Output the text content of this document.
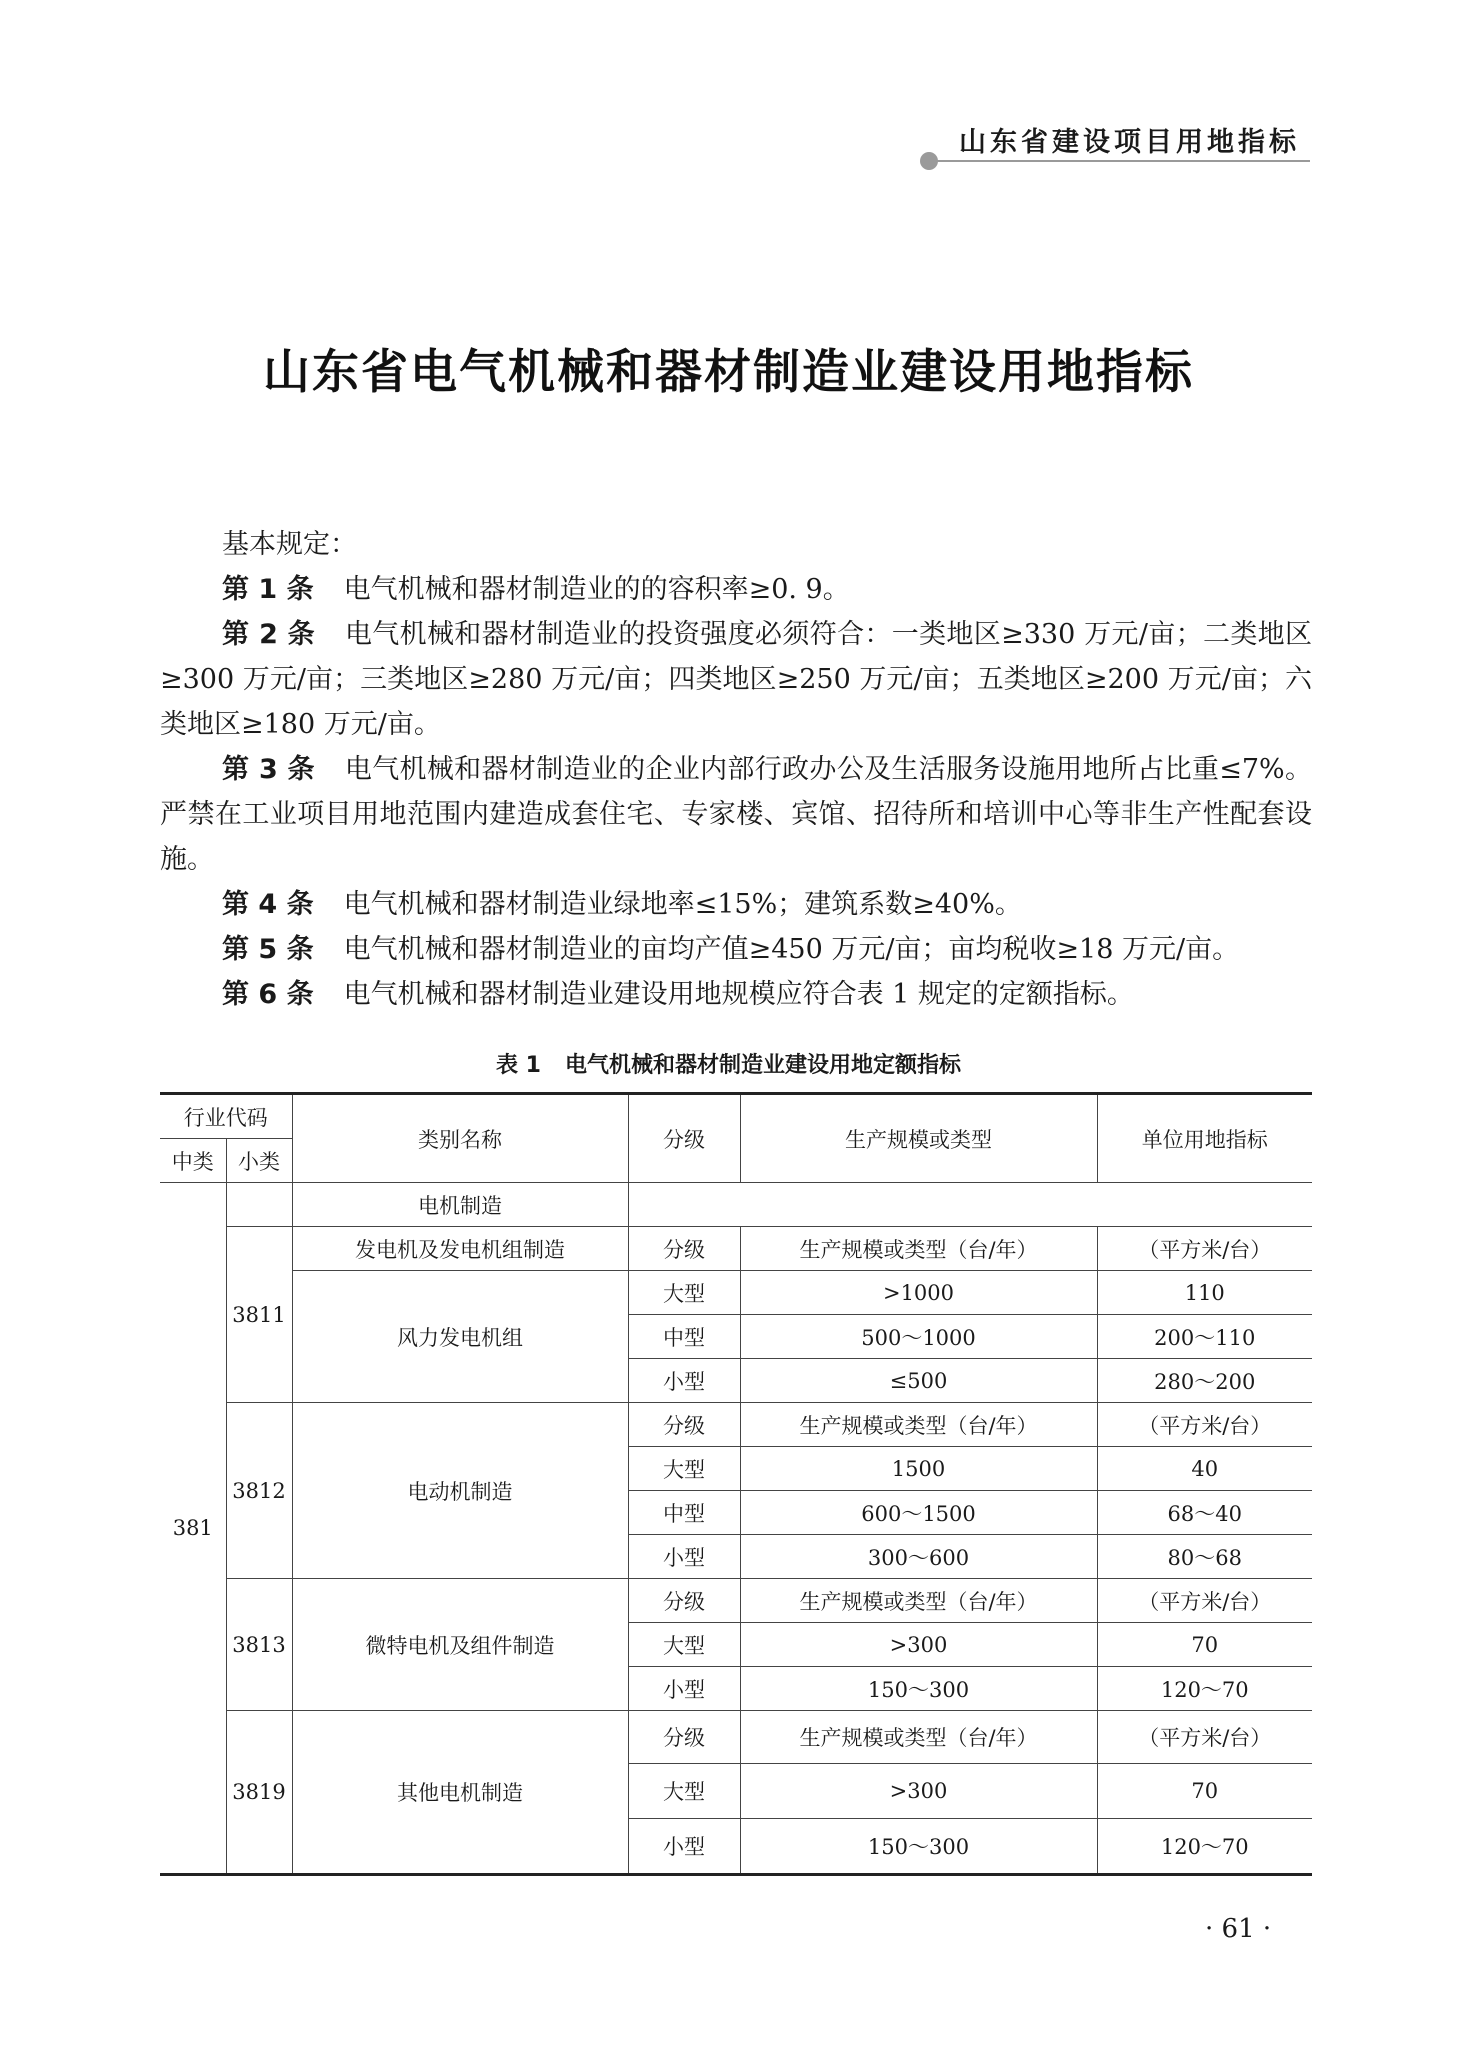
山东省建设项目用地指标
山东省电气机械和器材制造业建设用地指标

基本规定：

第 1 条 电气机械和器材制造业的的容积率≥0. 9。

第 2 条 电气机械和器材制造业的投资强度必须符合：一类地区≥330 万元/亩；二类地区≥300 万元/亩；三类地区≥280 万元/亩；四类地区≥250 万元/亩；五类地区≥200 万元/亩；六类地区≥180 万元/亩。

第 3 条 电气机械和器材制造业的企业内部行政办公及生活服务设施用地所占比重≤7%。严禁在工业项目用地范围内建造成套住宅、专家楼、宾馆、招待所和培训中心等非生产性配套设施。

第 4 条 电气机械和器材制造业绿地率≤15%；建筑系数≥40%。

第 5 条 电气机械和器材制造业的亩均产值≥450 万元/亩；亩均税收≥18 万元/亩。

第 6 条 电气机械和器材制造业建设用地规模应符合表 1 规定的定额指标。

表 1 电气机械和器材制造业建设用地定额指标
行业代码		类别名称	分级	生产规模或类型	单位用地指标
中类	小类				
381		电机制造			
	3811	发电机及发电机组制造	分级	生产规模或类型（台/年）	（平方米/台）
		风力发电机组	大型	>1000	110
			中型	500～1000	200～110
			小型	≤500	280～200
	3812	电动机制造	分级	生产规模或类型（台/年）	（平方米/台）
			大型	1500	40
			中型	600～1500	68～40
			小型	300～600	80～68
	3813	微特电机及组件制造	分级	生产规模或类型（台/年）	（平方米/台）
			大型	>300	70
			小型	150～300	120～70
	3819	其他电机制造	分级	生产规模或类型（台/年）	（平方米/台）
			大型	>300	70
			小型	150～300	120～70
· 61 ·
